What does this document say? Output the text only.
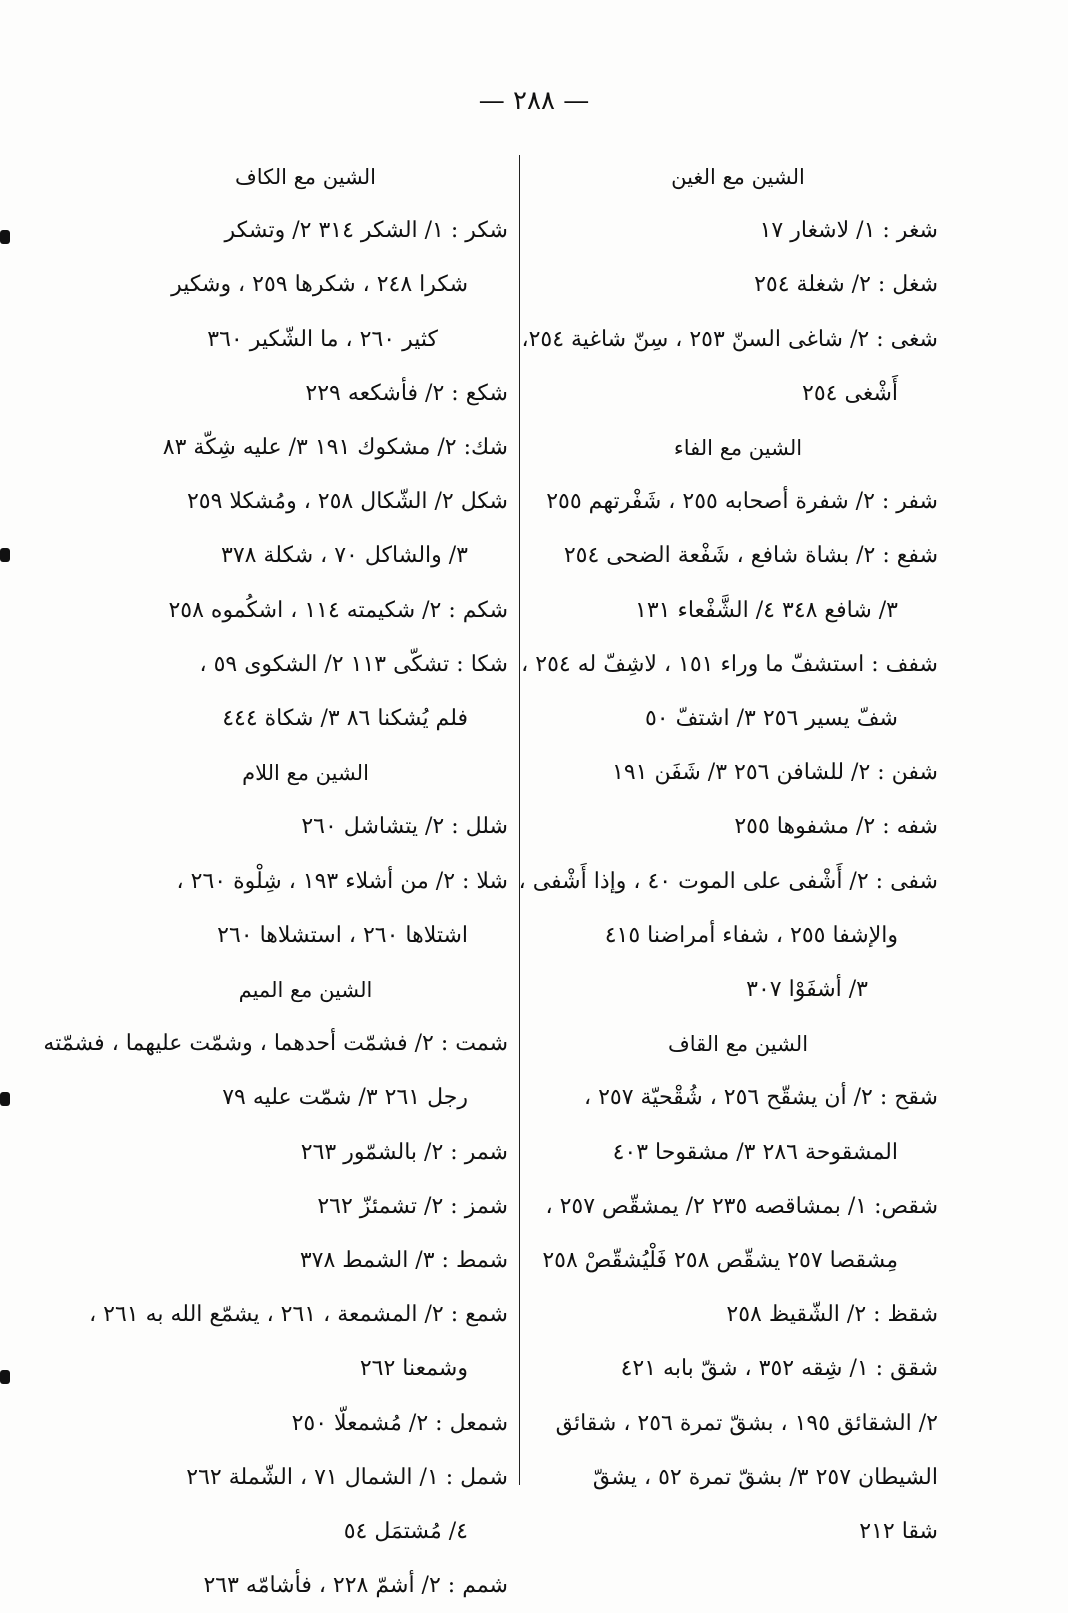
— ٢٨٨ —
الشين مع الغين
شغر : ١/ لاشغار ١٧
شغل : ٢/ شغلة ٢٥٤
شغى : ٢/ شاغى السنّ ٢٥٣ ، سِنّ شاغية ٢٥٤،
أَشْغى ٢٥٤
الشين مع الفاء
شفر : ٢/ شفرة أصحابه ٢٥٥ ، شَفْرتهم ٢٥٥
شفع : ٢/ بشاة شافع ، شَفْعة الضحى ٢٥٤
٣/ شافع ٣٤٨ ٤/ الشَّفْعاء ١٣١
شفف : استشفّ ما وراء ١٥١ ، لاشِفّ له ٢٥٤ ،
شفّ يسير ٢٥٦ ٣/ اشتفّ ٥٠
شفن : ٢/ للشافن ٢٥٦ ٣/ شَفَن ١٩١
شفه : ٢/ مشفوها ٢٥٥
شفى : ٢/ أَشْفى على الموت ٤٠ ، وإذا أَشْفى ،
والإشفا ٢٥٥ ، شفاء أمراضنا ٤١٥
٣/ أشفَوْا ٣٠٧
الشين مع القاف
شقح : ٢/ أن يشقّح ٢٥٦ ، شُقْحيّة ٢٥٧ ،
المشقوحة ٢٨٦ ٣/ مشقوحا ٤٠٣
شقص: ١/ بمشاقصه ٢٣٥ ٢/ يمشقّص ٢٥٧ ،
مِشقصا ٢٥٧ يشقّص ٢٥٨ فَلْيُشقّصْ ٢٥٨
شقظ : ٢/ الشّقيظ ٢٥٨
شقق : ١/ شِقه ٣٥٢ ، شقّ بابه ٤٢١
٢/ الشقائق ١٩٥ ، بشقّ تمرة ٢٥٦ ، شقائق
الشيطان ٢٥٧ ٣/ بشقّ تمرة ٥٢ ، يشقّ
شقا ٢١٢
الشين مع الكاف
شكر : ١/ الشكر ٣١٤ ٢/ وتشكر
شكرا ٢٤٨ ، شكرها ٢٥٩ ، وشكير
كثير ٢٦٠ ، ما الشّكير ٣٦٠
شكع : ٢/ فأشكعه ٢٢٩
شك: ٢/ مشكوك ١٩١ ٣/ عليه شِكّة ٨٣
شكل ٢/ الشّكال ٢٥٨ ، ومُشكلا ٢٥٩
٣/ والشاكل ٧٠ ، شكلة ٣٧٨
شكم : ٢/ شكيمته ١١٤ ، اشكُموه ٢٥٨
شكا : تشكّى ١١٣ ٢/ الشكوى ٥٩ ،
فلم يُشكنا ٨٦ ٣/ شكاة ٤٤٤
الشين مع اللام
شلل : ٢/ يتشاشل ٢٦٠
شلا : ٢/ من أشلاء ١٩٣ ، شِلْوة ٢٦٠ ،
اشتلاها ٢٦٠ ، استشلاها ٢٦٠
الشين مع الميم
شمت : ٢/ فشمّت أحدهما ، وشمّت عليهما ، فشمّته
رجل ٢٦١ ٣/ شمّت عليه ٧٩
شمر : ٢/ بالشمّور ٢٦٣
شمز : ٢/ تشمئزّ ٢٦٢
شمط : ٣/ الشمط ٣٧٨
شمع : ٢/ المشمعة ، ٢٦١ ، يشمّع الله به ٢٦١ ،
وشمعنا ٢٦٢
شمعل : ٢/ مُشمعلّا ٢٥٠
شمل : ١/ الشمال ٧١ ، الشّملة ٢٦٢
٤/ مُشتمَل ٥٤
شمم : ٢/ أشمّ ٢٢٨ ، فأشامّه ٢٦٣
